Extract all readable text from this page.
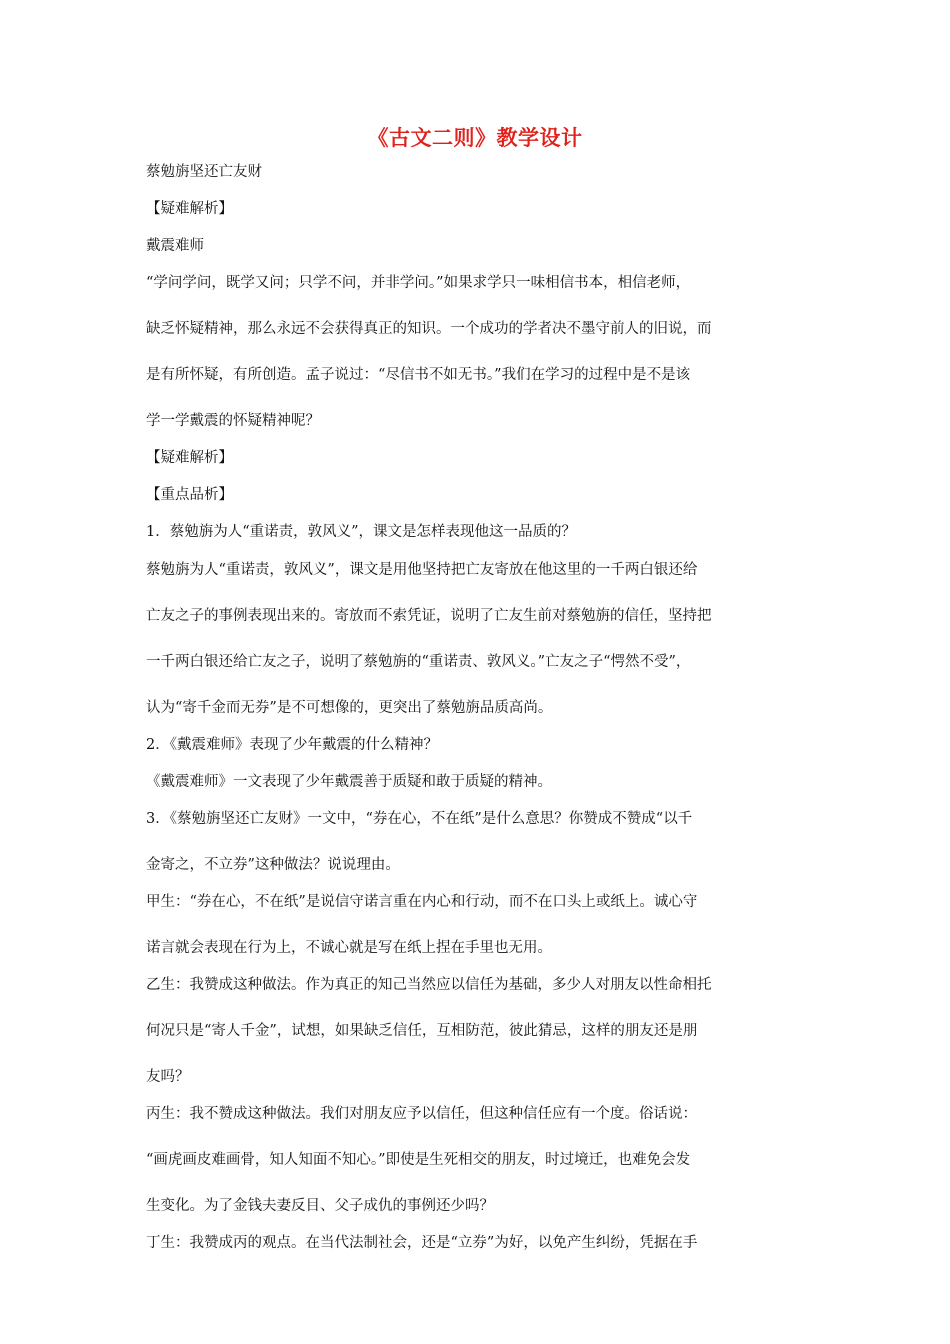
《古文二则》教学设计
蔡勉旃坚还亡友财
【疑难解析】
戴震难师
“学问学问，既学又问；只学不问，并非学问。”如果求学只一味相信书本，相信老师，
缺乏怀疑精神，那么永远不会获得真正的知识。一个成功的学者决不墨守前人的旧说，而
是有所怀疑，有所创造。孟子说过：“尽信书不如无书。”我们在学习的过程中是不是该
学一学戴震的怀疑精神呢？
【疑难解析】
【重点品析】
1．蔡勉旃为人“重诺责，敦风义”，课文是怎样表现他这一品质的？
蔡勉旃为人“重诺责，敦风义”，课文是用他坚持把亡友寄放在他这里的一千两白银还给
亡友之子的事例表现出来的。寄放而不索凭证，说明了亡友生前对蔡勉旃的信任，坚持把
一千两白银还给亡友之子，说明了蔡勉旃的“重诺责、敦风义。”亡友之子“愕然不受”，
认为“寄千金而无券”是不可想像的，更突出了蔡勉旃品质高尚。
2．《戴震难师》表现了少年戴震的什么精神？
《戴震难师》一文表现了少年戴震善于质疑和敢于质疑的精神。
3．《蔡勉旃坚还亡友财》一文中，“券在心，不在纸”是什么意思？你赞成不赞成“以千
金寄之，不立券”这种做法？说说理由。
甲生：“券在心，不在纸”是说信守诺言重在内心和行动，而不在口头上或纸上。诚心守
诺言就会表现在行为上，不诚心就是写在纸上捏在手里也无用。
乙生：我赞成这种做法。作为真正的知己当然应以信任为基础，多少人对朋友以性命相托
何况只是“寄人千金”，试想，如果缺乏信任，互相防范，彼此猜忌，这样的朋友还是朋
友吗？
丙生：我不赞成这种做法。我们对朋友应予以信任，但这种信任应有一个度。俗话说：
“画虎画皮难画骨，知人知面不知心。”即使是生死相交的朋友，时过境迁，也难免会发
生变化。为了金钱夫妻反目、父子成仇的事例还少吗？
丁生：我赞成丙的观点。在当代法制社会，还是“立券”为好，以免产生纠纷，凭据在手
